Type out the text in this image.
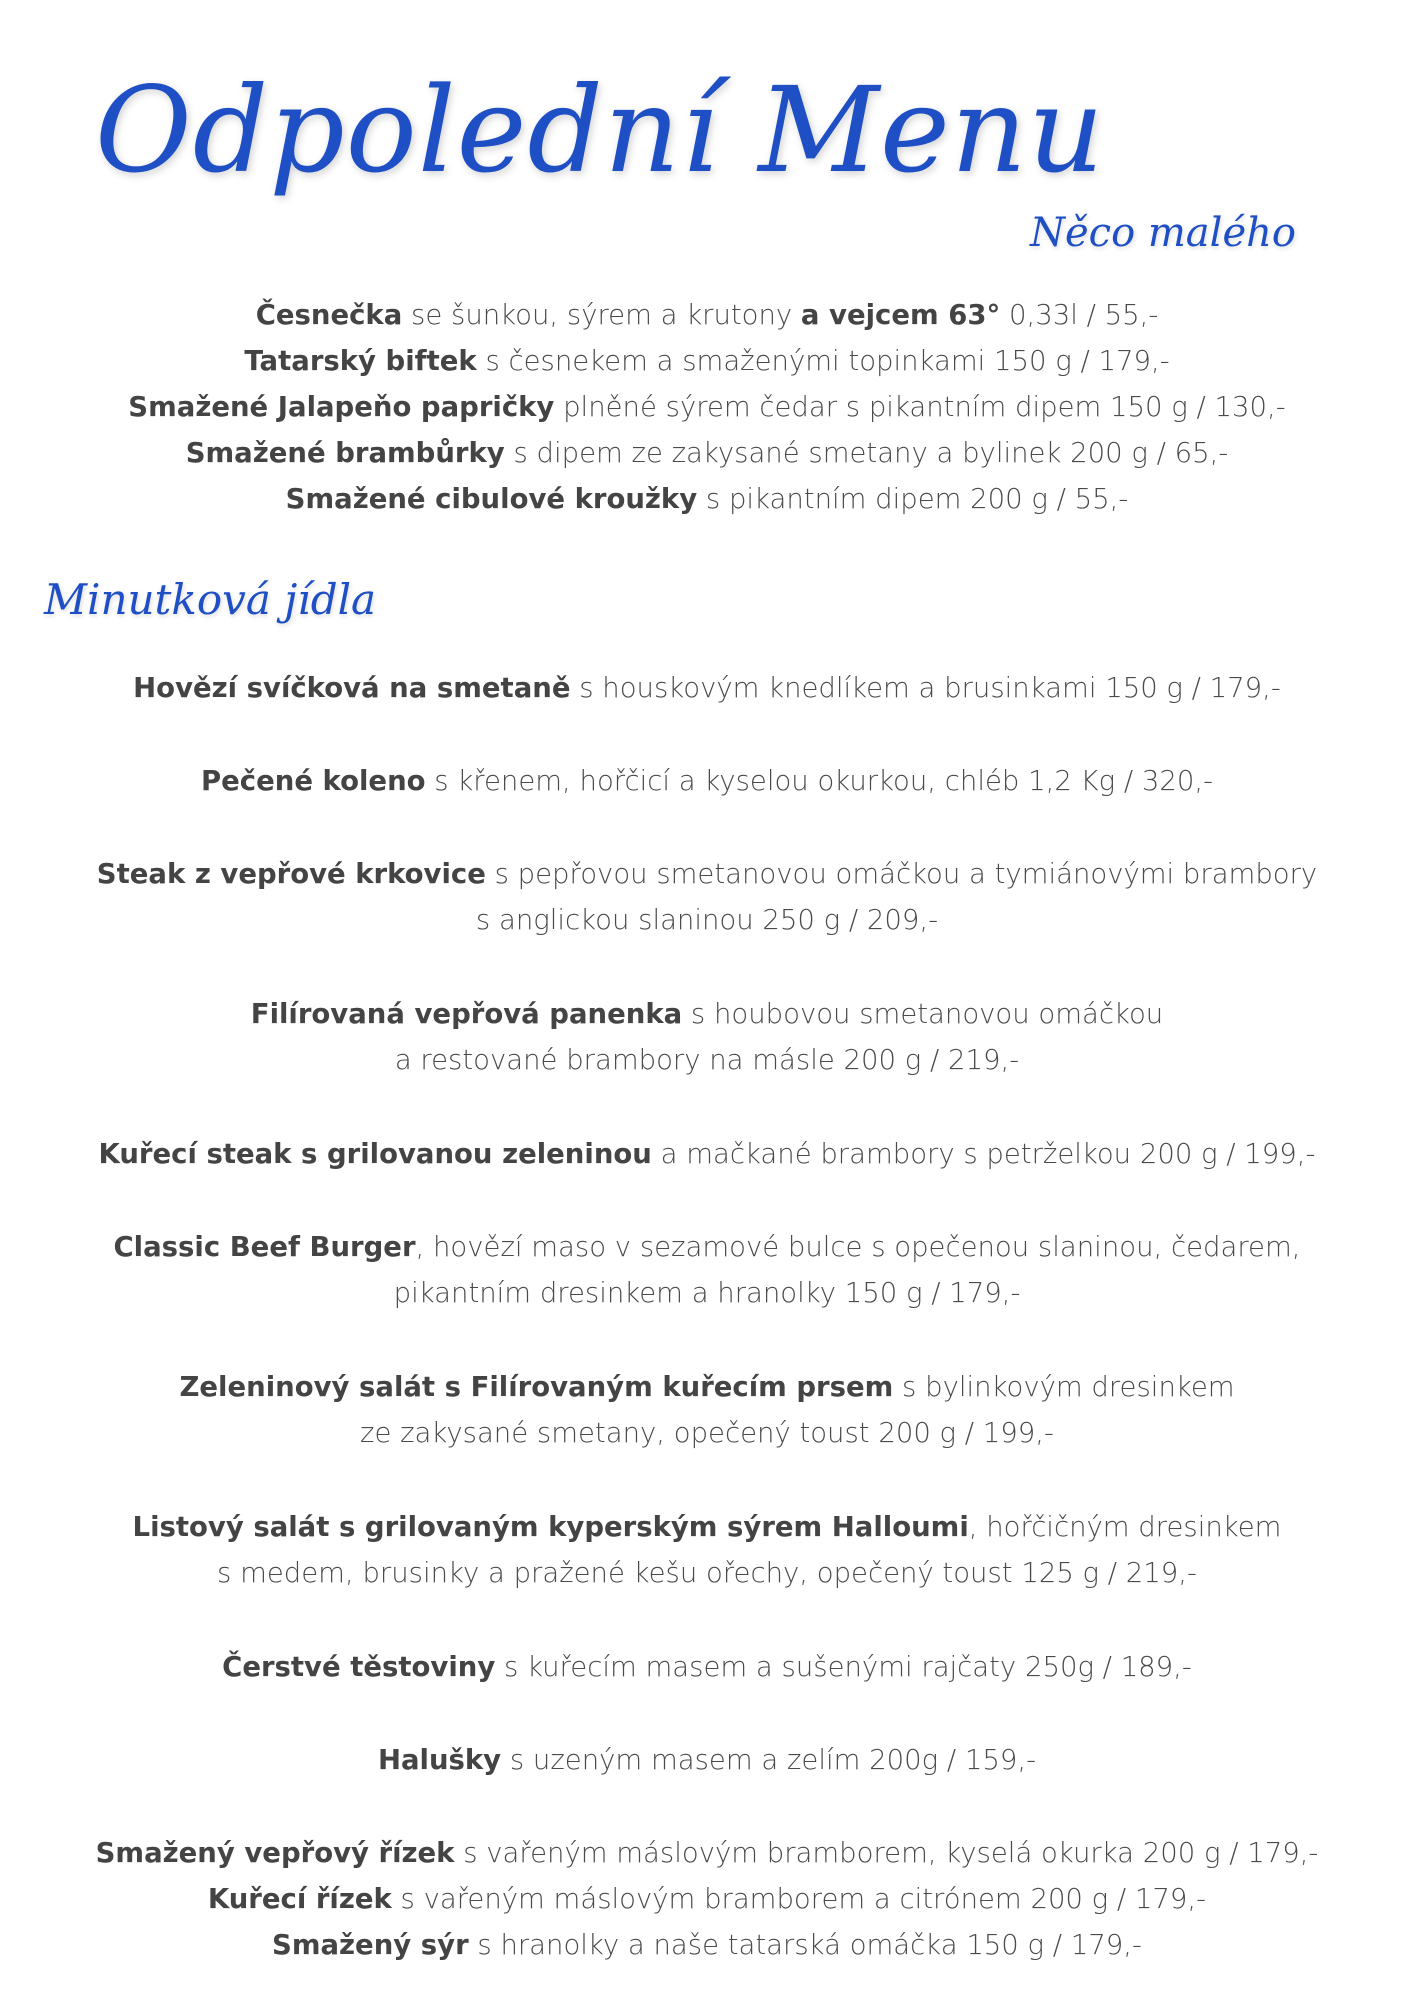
Odpolední Menu
Něco malého
Česnečka se šunkou, sýrem a krutony a vejcem 63° 0,33l / 55,-
Tatarský biftek s česnekem a smaženými topinkami 150 g / 179,-
Smažené Jalapeňo papričky plněné sýrem čedar s pikantním dipem 150 g / 130,-
Smažené brambůrky s dipem ze zakysané smetany a bylinek 200 g / 65,-
Smažené cibulové kroužky s pikantním dipem 200 g / 55,-
Minutková jídla
Hovězí svíčková na smetaně s houskovým knedlíkem a brusinkami 150 g / 179,-
Pečené koleno s křenem, hořčicí a kyselou okurkou, chléb 1,2 Kg / 320,-
Steak z vepřové krkovice s pepřovou smetanovou omáčkou a tymiánovými brambory
s anglickou slaninou 250 g / 209,-
Filírovaná vepřová panenka s houbovou smetanovou omáčkou
a restované brambory na másle 200 g / 219,-
Kuřecí steak s grilovanou zeleninou a mačkané brambory s petrželkou 200 g / 199,-
Classic Beef Burger, hovězí maso v sezamové bulce s opečenou slaninou, čedarem,
pikantním dresinkem a hranolky 150 g / 179,-
Zeleninový salát s Filírovaným kuřecím prsem s bylinkovým dresinkem
ze zakysané smetany, opečený toust 200 g / 199,-
Listový salát s grilovaným kyperským sýrem Halloumi, hořčičným dresinkem
s medem, brusinky a pražené kešu ořechy, opečený toust 125 g / 219,-
Čerstvé těstoviny s kuřecím masem a sušenými rajčaty 250g / 189,-
Halušky s uzeným masem a zelím 200g / 159,-
Smažený vepřový řízek s vařeným máslovým bramborem, kyselá okurka 200 g / 179,-
Kuřecí řízek s vařeným máslovým bramborem a citrónem 200 g / 179,-
Smažený sýr s hranolky a naše tatarská omáčka 150 g / 179,-
